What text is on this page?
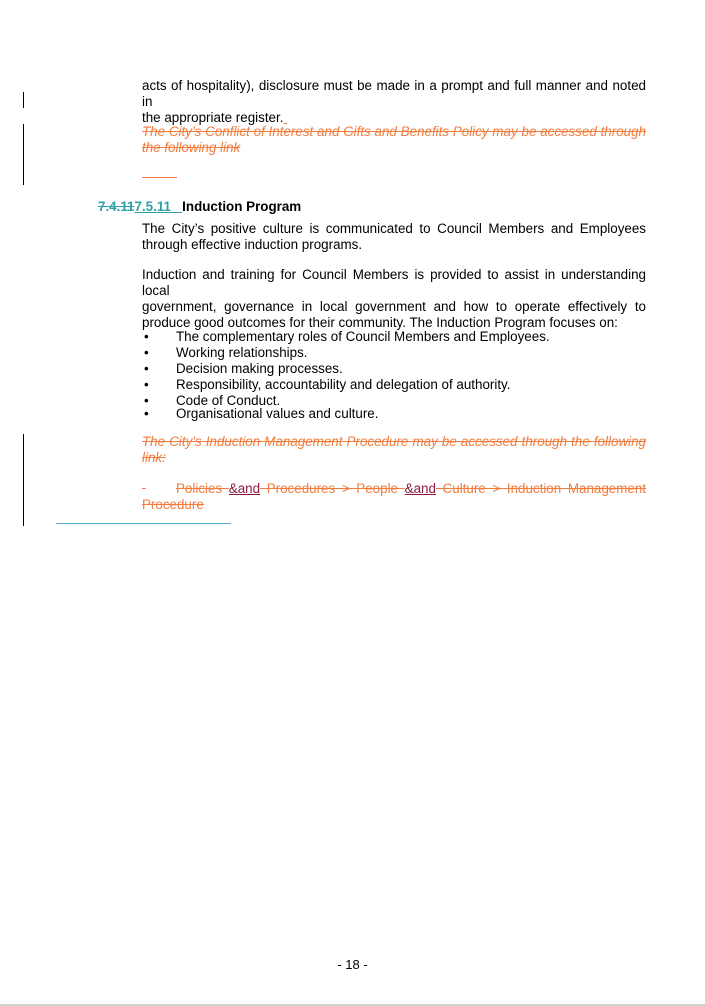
acts of hospitality), disclosure must be made in a prompt and full manner and noted in
the appropriate register.
The City’s Conflict of Interest and Gifts and Benefits Policy may be accessed through
the following link
7.4.117.5.11 Induction Program
The City’s positive culture is communicated to Council Members and Employees
through effective induction programs.
Induction and training for Council Members is provided to assist in understanding local
government, governance in local government and how to operate effectively to
produce good outcomes for their community. The Induction Program focuses on:
• The complementary roles of Council Members and Employees.
• Working relationships.
• Decision making processes.
• Responsibility, accountability and delegation of authority.
• Code of Conduct.
• Organisational values and culture.
The City’s Induction Management Procedure may be accessed through the following
link:
Policies &and Procedures > People &and Culture > Induction Management
Procedure
- 18 -
